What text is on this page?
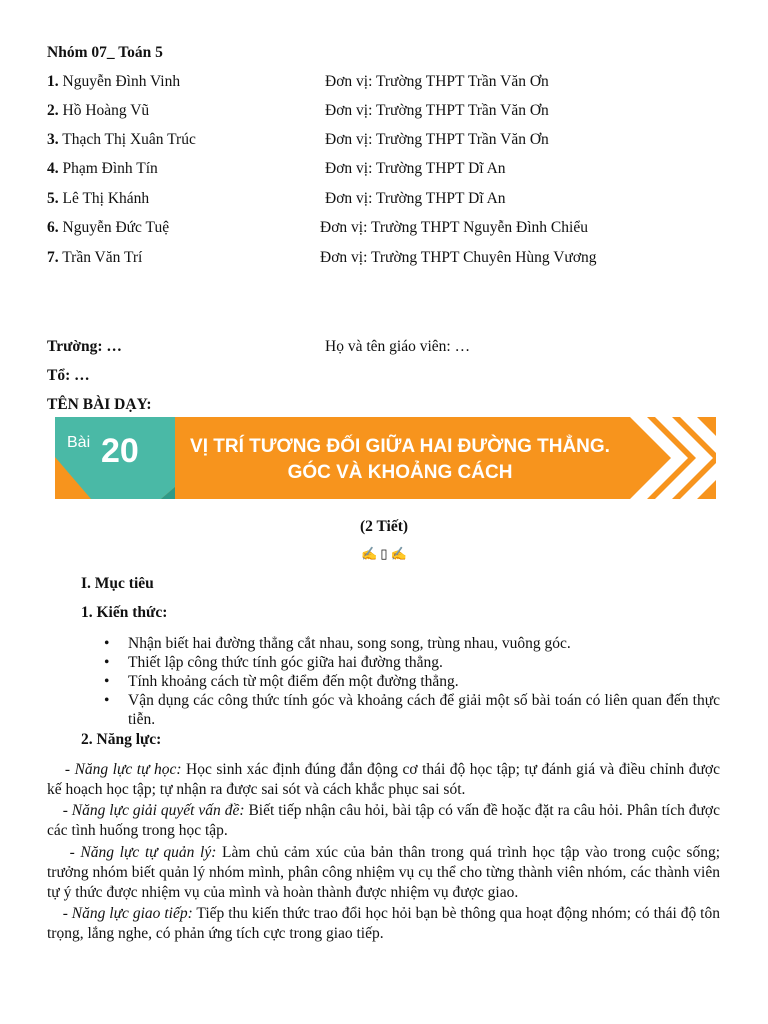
Nhóm 07_ Toán 5
1. Nguyễn Đình Vinh	Đơn vị: Trường THPT Trần Văn Ơn
2. Hồ Hoàng Vũ	Đơn vị: Trường THPT Trần Văn Ơn
3. Thạch Thị Xuân Trúc	Đơn vị: Trường THPT Trần Văn Ơn
4. Phạm Đình Tín	Đơn vị: Trường THPT Dĩ An
5. Lê Thị Khánh	Đơn vị: Trường THPT Dĩ An
6. Nguyễn Đức Tuệ	Đơn vị: Trường THPT Nguyễn Đình Chiểu
7. Trần Văn Trí	Đơn vị: Trường THPT Chuyên Hùng Vương
Trường: …	Họ và tên giáo viên: …
Tổ: …
TÊN BÀI DẠY:
Bài 20	VỊ TRÍ TƯƠNG ĐỐI GIỮA HAI ĐƯỜNG THẲNG.
GÓC VÀ KHOẢNG CÁCH
(2 Tiết)
✍ ▯ ✍
I. Mục tiêu
1. Kiến thức:
• Nhận biết hai đường thẳng cắt nhau, song song, trùng nhau, vuông góc.
• Thiết lập công thức tính góc giữa hai đường thẳng.
• Tính khoảng cách từ một điểm đến một đường thẳng.
• Vận dụng các công thức tính góc và khoảng cách để giải một số bài toán có liên quan đến thực tiễn.
2. Năng lực:
- Năng lực tự học: Học sinh xác định đúng đắn động cơ thái độ học tập; tự đánh giá và điều chỉnh được kế hoạch học tập; tự nhận ra được sai sót và cách khắc phục sai sót.
- Năng lực giải quyết vấn đề: Biết tiếp nhận câu hỏi, bài tập có vấn đề hoặc đặt ra câu hỏi. Phân tích được các tình huống trong học tập.
- Năng lực tự quản lý: Làm chủ cảm xúc của bản thân trong quá trình học tập vào trong cuộc sống; trưởng nhóm biết quản lý nhóm mình, phân công nhiệm vụ cụ thể cho từng thành viên nhóm, các thành viên tự ý thức được nhiệm vụ của mình và hoàn thành được nhiệm vụ được giao.
- Năng lực giao tiếp: Tiếp thu kiến thức trao đổi học hỏi bạn bè thông qua hoạt động nhóm; có thái độ tôn trọng, lắng nghe, có phản ứng tích cực trong giao tiếp.
